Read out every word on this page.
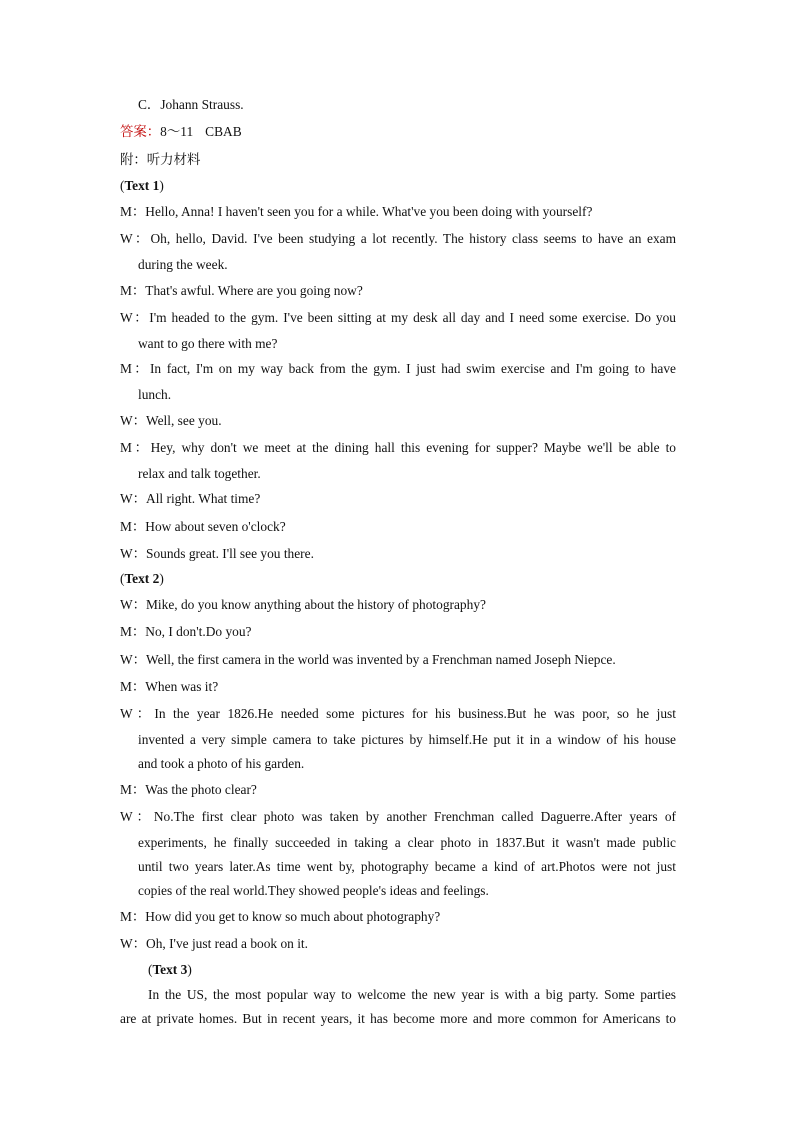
C．Johann Strauss.
答案：8～11 CBAB
附：听力材料
(Text 1)
M：Hello, Anna! I haven't seen you for a while. What've you been doing with yourself?
W：Oh, hello, David. I've been studying a lot recently. The history class seems to have an exam
during the week.
M：That's awful. Where are you going now?
W：I'm headed to the gym. I've been sitting at my desk all day and I need some exercise. Do you
want to go there with me?
M：In fact, I'm on my way back from the gym. I just had swim exercise and I'm going to have
lunch.
W：Well, see you.
M：Hey, why don't we meet at the dining hall this evening for supper? Maybe we'll be able to
relax and talk together.
W：All right. What time?
M：How about seven o'clock?
W：Sounds great. I'll see you there.
(Text 2)
W：Mike, do you know anything about the history of photography?
M：No, I don't.Do you?
W：Well, the first camera in the world was invented by a Frenchman named Joseph Niepce.
M：When was it?
W：In the year 1826.He needed some pictures for his business.But he was poor, so he just
invented a very simple camera to take pictures by himself.He put it in a window of his house
and took a photo of his garden.
M：Was the photo clear?
W：No.The first clear photo was taken by another Frenchman called Daguerre.After years of
experiments, he finally succeeded in taking a clear photo in 1837.But it wasn't made public
until two years later.As time went by, photography became a kind of art.Photos were not just
copies of the real world.They showed people's ideas and feelings.
M：How did you get to know so much about photography?
W：Oh, I've just read a book on it.
(Text 3)
In the US, the most popular way to welcome the new year is with a big party. Some parties
are at private homes. But in recent years, it has become more and more common for Americans to
